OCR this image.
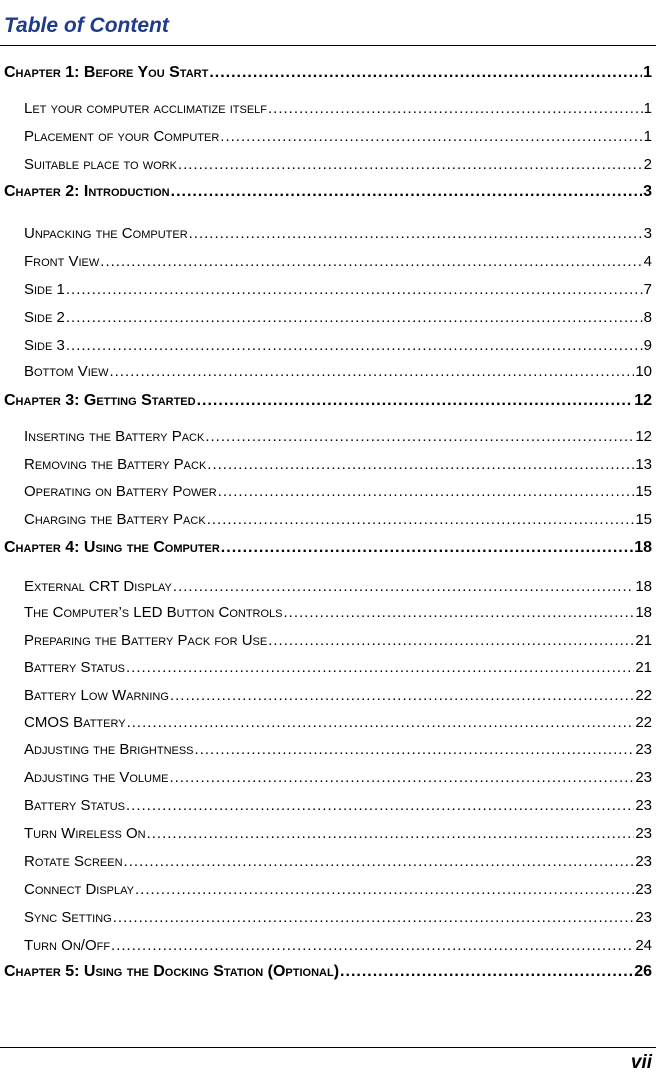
Table of Content
Chapter 1: Before You Start .....	1
Let your computer acclimatize itself .....	1
Placement of your Computer .....	1
Suitable place to work .....	2
Chapter 2: Introduction .....	3
Unpacking the Computer .....	3
Front View .....	4
Side 1 .....	7
Side 2 .....	8
Side 3 .....	9
Bottom View .....	10
Chapter 3: Getting Started .....	12
Inserting the Battery Pack .....	12
Removing the Battery Pack .....	13
Operating on Battery Power .....	15
Charging the Battery Pack .....	15
Chapter 4: Using the Computer .....	18
External CRT Display .....	18
The Computer’s LED Button Controls .....	18
Preparing the Battery Pack for Use .....	21
Battery Status .....	21
Battery Low Warning .....	22
CMOS Battery .....	22
Adjusting the Brightness .....	23
Adjusting the Volume .....	23
Battery Status .....	23
Turn Wireless On .....	23
Rotate Screen .....	23
Connect Display .....	23
Sync Setting .....	23
Turn On/Off .....	24
Chapter 5: Using the Docking Station (Optional) .....	26
vii
